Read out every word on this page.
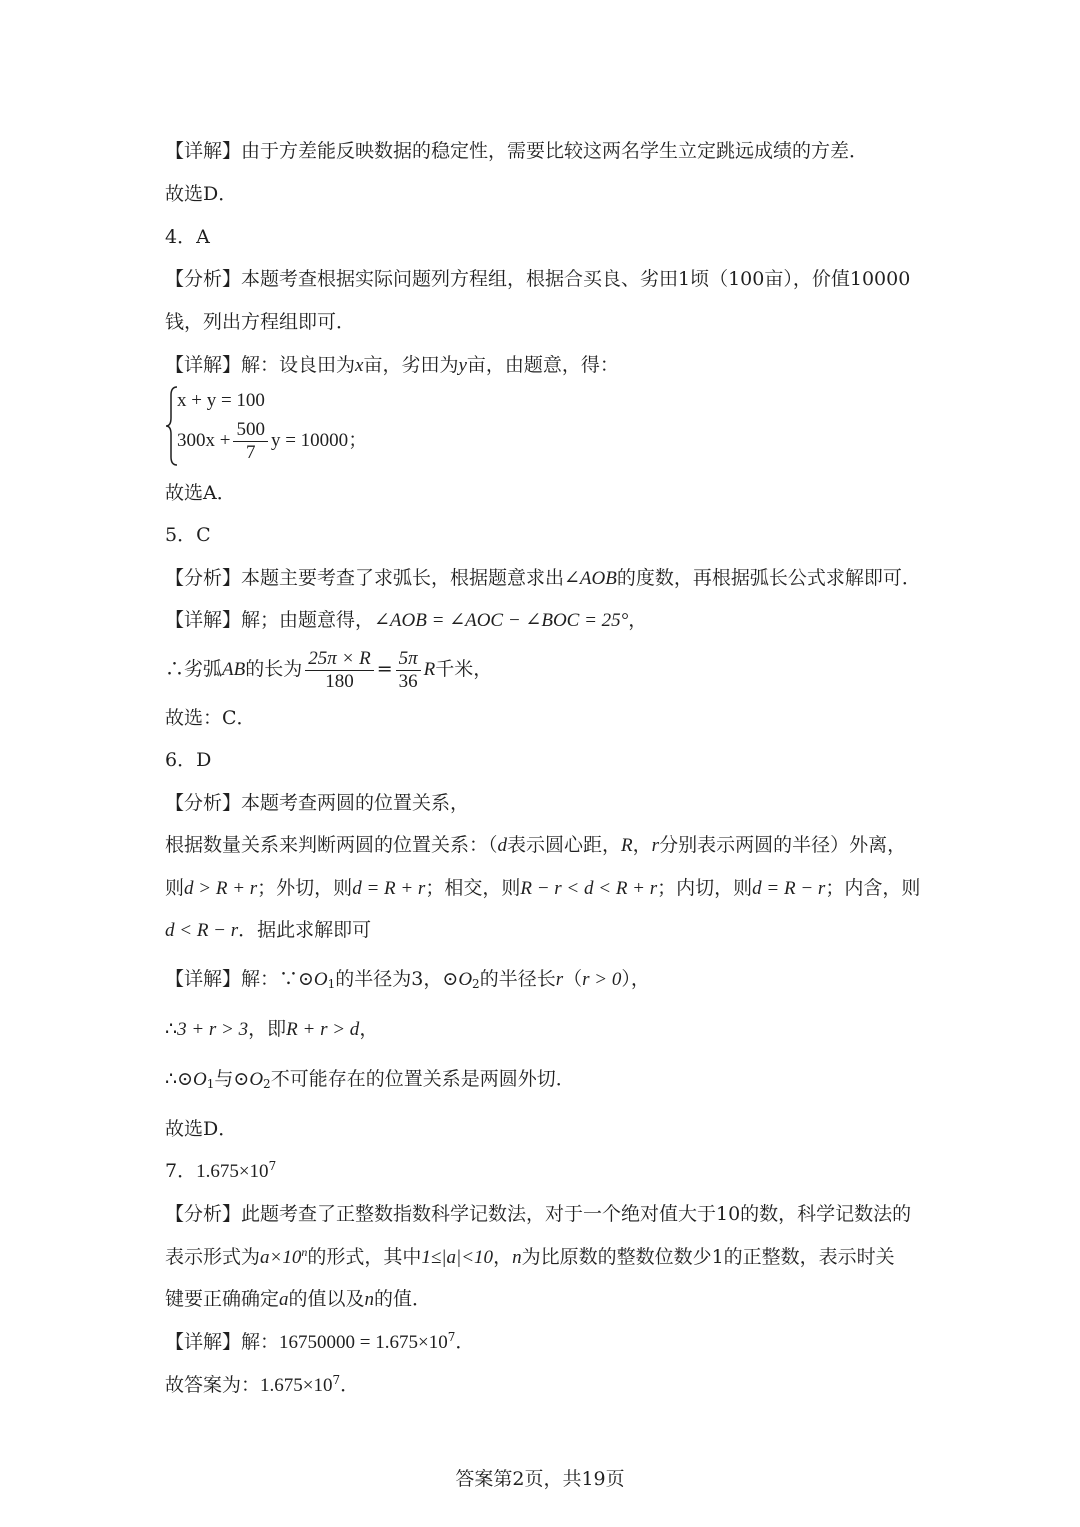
【详解】由于方差能反映数据的稳定性，需要比较这两名学生立定跳远成绩的方差．
故选D．
4．A
【分析】本题考查根据实际问题列方程组，根据合买良、劣田1顷（100亩），价值10000
钱，列出方程组即可．
【详解】解：设良田为x亩，劣田为y亩，由题意，得：
x + y = 100
$300x + \frac{500}{7}$ y = 10000；
故选A．
5．C
【分析】本题主要考查了求弧长，根据题意求出∠AOB的度数，再根据弧长公式求解即可．
【详解】解；由题意得，∠AOB = ∠AOC − ∠BOC = 25°，
∴劣弧AB的长为 $\frac{25\pi \times R}{180} = \frac{5\pi}{36}$ R千米，
故选：C．
6．D
【分析】本题考查两圆的位置关系，
根据数量关系来判断两圆的位置关系：（d表示圆心距，R，r分别表示两圆的半径）外离，
则d > R + r；外切，则d = R + r；相交，则R − r < d < R + r；内切，则d = R − r；内含，则
d < R − r．据此求解即可
【详解】解：$\because⊙O_1$的半径为3，$⊙O_2$的半径长r（r > 0），
∴3 + r > 3，即R + r > d，
$\therefore⊙O_1$与$⊙O_2$不可能存在的位置关系是两圆外切．
故选D．
7．$1.675\times 10^7$
【分析】此题考查了正整数指数科学记数法，对于一个绝对值大于10的数，科学记数法的
表示形式为$a\times 10^n$的形式，其中1≤|a|<10，n为比原数的整数位数少1的正整数，表示时关
键要正确确定a的值以及n的值．
【详解】解：$16750000 = 1.675\times 10^7$．
故答案为：$1.675\times 10^7$．
答案第2页，共19页
